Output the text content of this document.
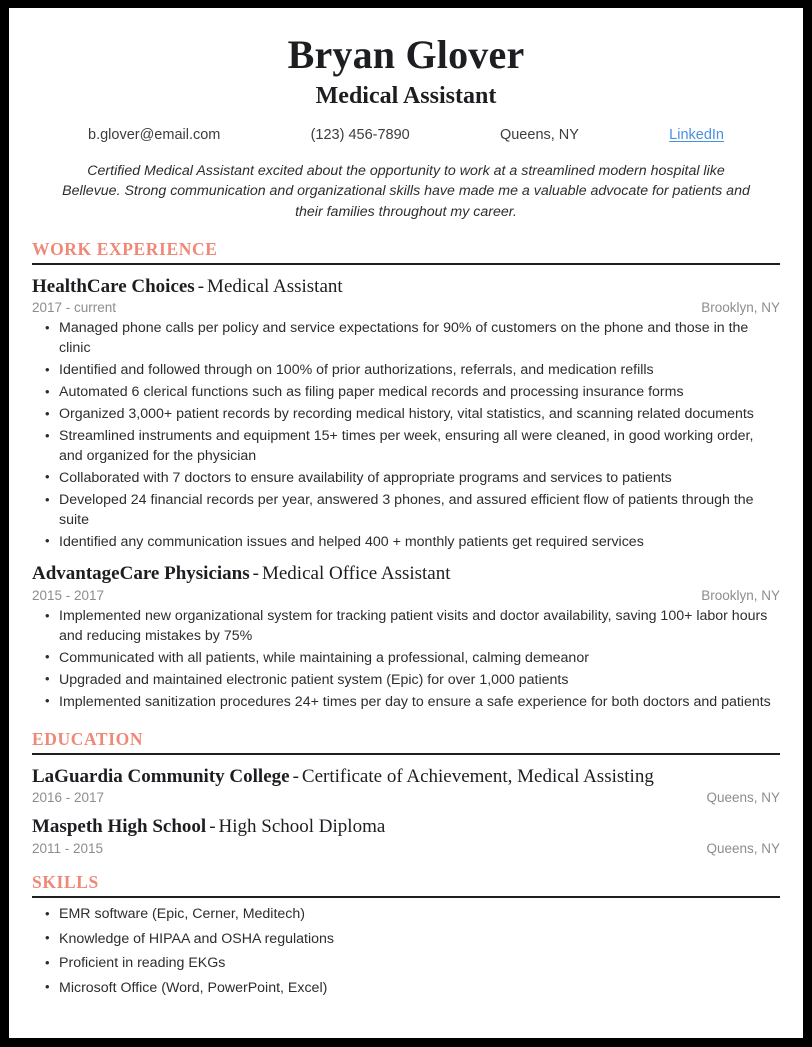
Bryan Glover
Medical Assistant
b.glover@email.com	(123) 456-7890	Queens, NY	LinkedIn

Certified Medical Assistant excited about the opportunity to work at a streamlined modern hospital like Bellevue. Strong communication and organizational skills have made me a valuable advocate for patients and their families throughout my career.

WORK EXPERIENCE
HealthCare Choices - Medical Assistant
2017 - current	Brooklyn, NY
• Managed phone calls per policy and service expectations for 90% of customers on the phone and those in the clinic
• Identified and followed through on 100% of prior authorizations, referrals, and medication refills
• Automated 6 clerical functions such as filing paper medical records and processing insurance forms
• Organized 3,000+ patient records by recording medical history, vital statistics, and scanning related documents
• Streamlined instruments and equipment 15+ times per week, ensuring all were cleaned, in good working order, and organized for the physician
• Collaborated with 7 doctors to ensure availability of appropriate programs and services to patients
• Developed 24 financial records per year, answered 3 phones, and assured efficient flow of patients through the suite
• Identified any communication issues and helped 400 + monthly patients get required services
AdvantageCare Physicians - Medical Office Assistant
2015 - 2017	Brooklyn, NY
• Implemented new organizational system for tracking patient visits and doctor availability, saving 100+ labor hours and reducing mistakes by 75%
• Communicated with all patients, while maintaining a professional, calming demeanor
• Upgraded and maintained electronic patient system (Epic) for over 1,000 patients
• Implemented sanitization procedures 24+ times per day to ensure a safe experience for both doctors and patients
EDUCATION
LaGuardia Community College - Certificate of Achievement, Medical Assisting
2016 - 2017	Queens, NY
Maspeth High School - High School Diploma
2011 - 2015	Queens, NY
SKILLS
• EMR software (Epic, Cerner, Meditech)
• Knowledge of HIPAA and OSHA regulations
• Proficient in reading EKGs
• Microsoft Office (Word, PowerPoint, Excel)
